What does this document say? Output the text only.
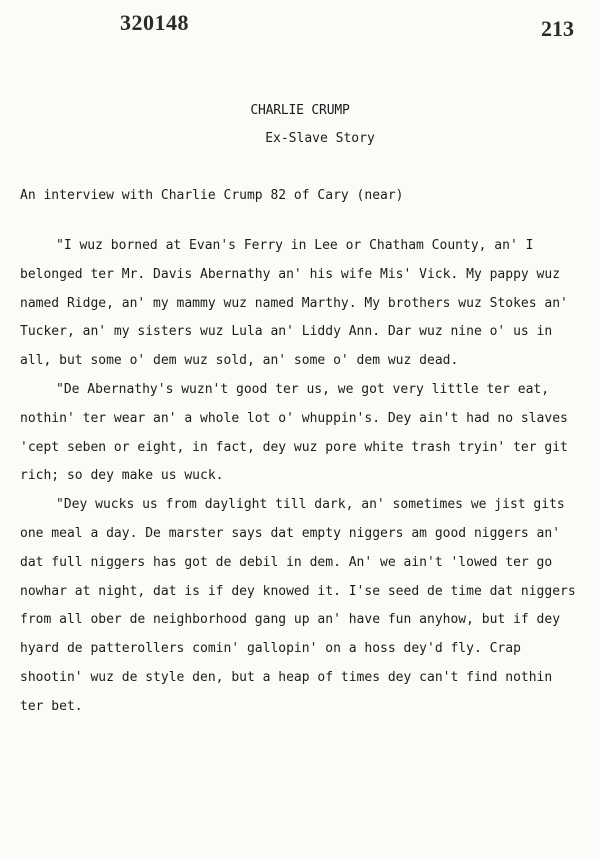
320148	213
CHARLIE CRUMP
Ex-Slave Story
An interview with Charlie Crump 82 of Cary (near)

"I wuz borned at Evan's Ferry in Lee or Chatham County, an' I belonged ter Mr. Davis Abernathy an' his wife Mis' Vick. My pappy wuz named Ridge, an' my mammy wuz named Marthy. My brothers wuz Stokes an' Tucker, an' my sisters wuz Lula an' Liddy Ann. Dar wuz nine o' us in all, but some o' dem wuz sold, an' some o' dem wuz dead.

"De Abernathy's wuzn't good ter us, we got very little ter eat, nothin' ter wear an' a whole lot o' whuppin's. Dey ain't had no slaves 'cept seben or eight, in fact, dey wuz pore white trash tryin' ter git rich; so dey make us wuck.

"Dey wucks us from daylight till dark, an' sometimes we jist gits one meal a day. De marster says dat empty niggers am good niggers an' dat full niggers has got de debil in dem. An' we ain't 'lowed ter go nowhar at night, dat is if dey knowed it. I'se seed de time dat niggers from all ober de neighborhood gang up an' have fun anyhow, but if dey hyard de patterollers comin' gallopin' on a hoss dey'd fly. Crap shootin' wuz de style den, but a heap of times dey can't find nothin ter bet.
